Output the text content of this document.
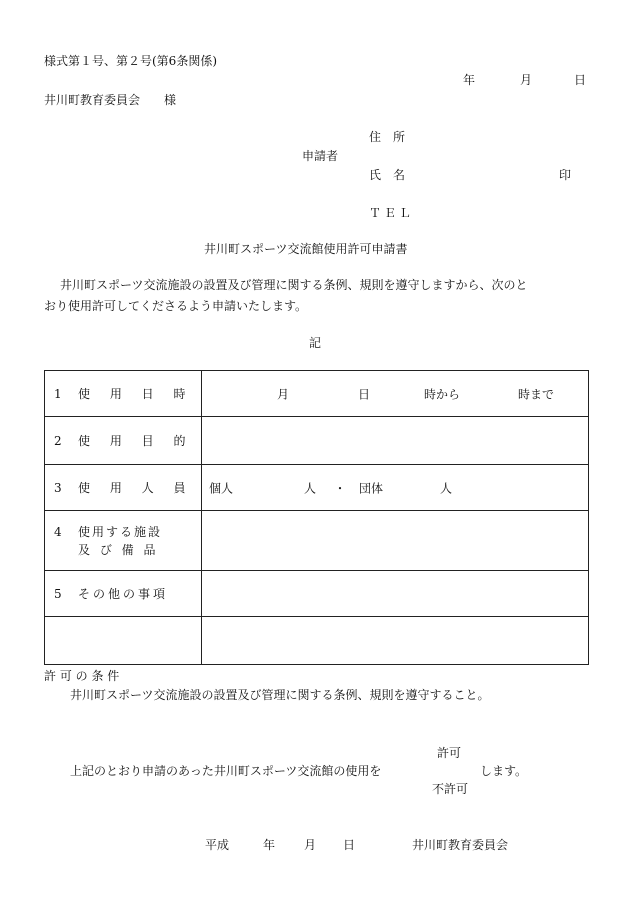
様式第１号、第２号(第6条関係)
年	月	日
井川町教育委員会　　様
住　所
申請者
氏　名	印
ＴＥＬ
井川町スポーツ交流館使用許可申請書
井川町スポーツ交流施設の設置及び管理に関する条例、規則を遵守しますから、次のと
おり使用許可してくださるよう申請いたします。
記
1 使 用 日 時	月 日 時から 時まで

2 使 用 目 的	
3 使 用 人 員	個人 人 ・ 団体 人

4 使用する施設
及 び 備 品	

5 その他の事項	

許 可 の 条 件
井川町スポーツ交流施設の設置及び管理に関する条例、規則を遵守すること。
許可
上記のとおり申請のあった井川町スポーツ交流館の使用を	します。
不許可
平成	年 月 日	井川町教育委員会
